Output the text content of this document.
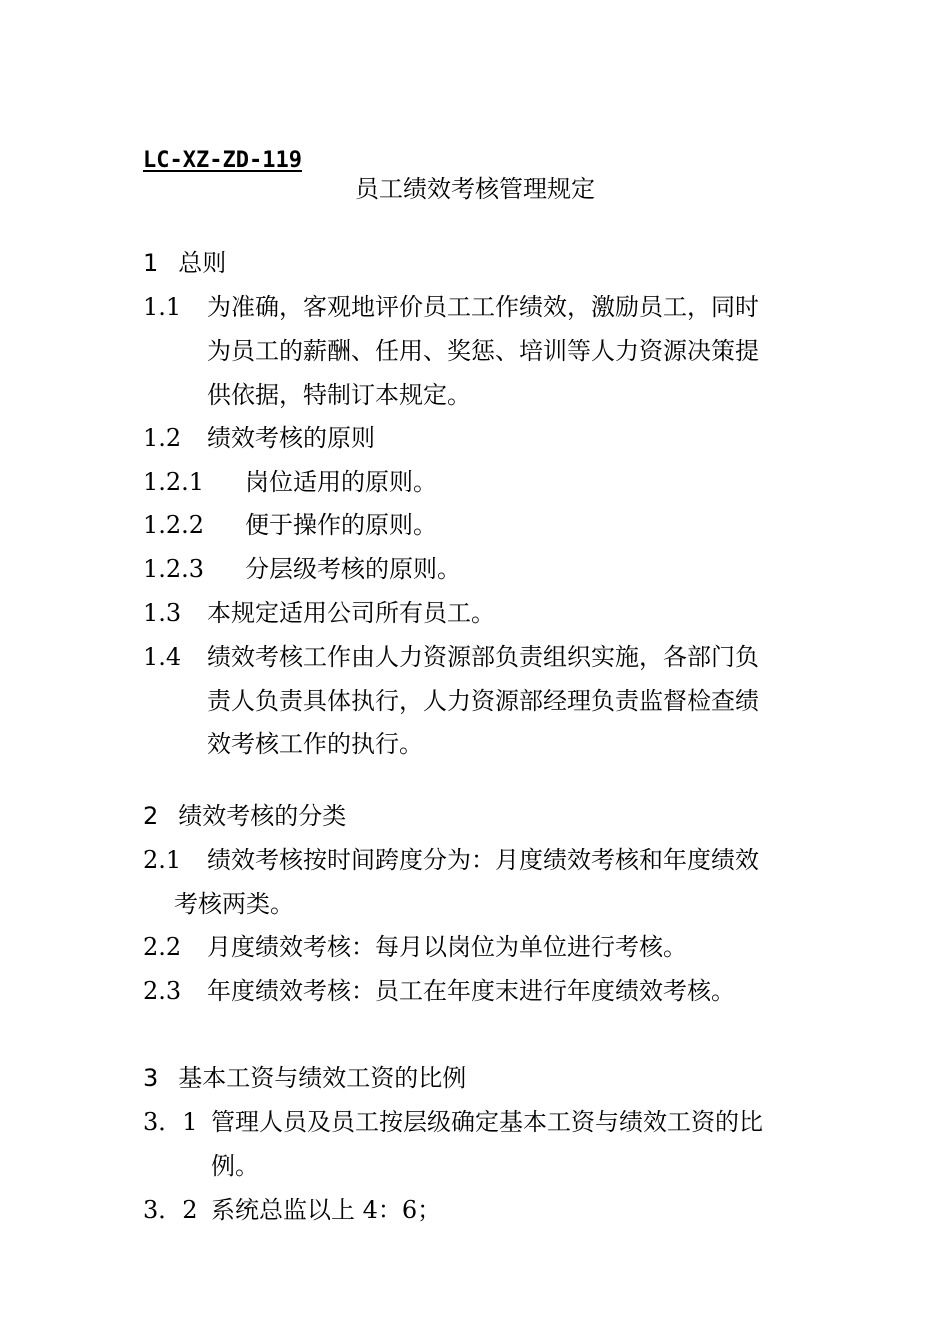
LC-XZ-ZD-119
员工绩效考核管理规定
1 总则
1.1 为准确，客观地评价员工工作绩效，激励员工，同时
为员工的薪酬、任用、奖惩、培训等人力资源决策提
供依据，特制订本规定。
1.2 绩效考核的原则
1.2.1 岗位适用的原则。
1.2.2 便于操作的原则。
1.2.3 分层级考核的原则。
1.3 本规定适用公司所有员工。
1.4 绩效考核工作由人力资源部负责组织实施，各部门负
责人负责具体执行，人力资源部经理负责监督检查绩
效考核工作的执行。
2 绩效考核的分类
2.1 绩效考核按时间跨度分为：月度绩效考核和年度绩效
考核两类。
2.2 月度绩效考核：每月以岗位为单位进行考核。
2.3 年度绩效考核：员工在年度末进行年度绩效考核。
3 基本工资与绩效工资的比例
3．1 管理人员及员工按层级确定基本工资与绩效工资的比
例。
3．2 系统总监以上 4：6；
